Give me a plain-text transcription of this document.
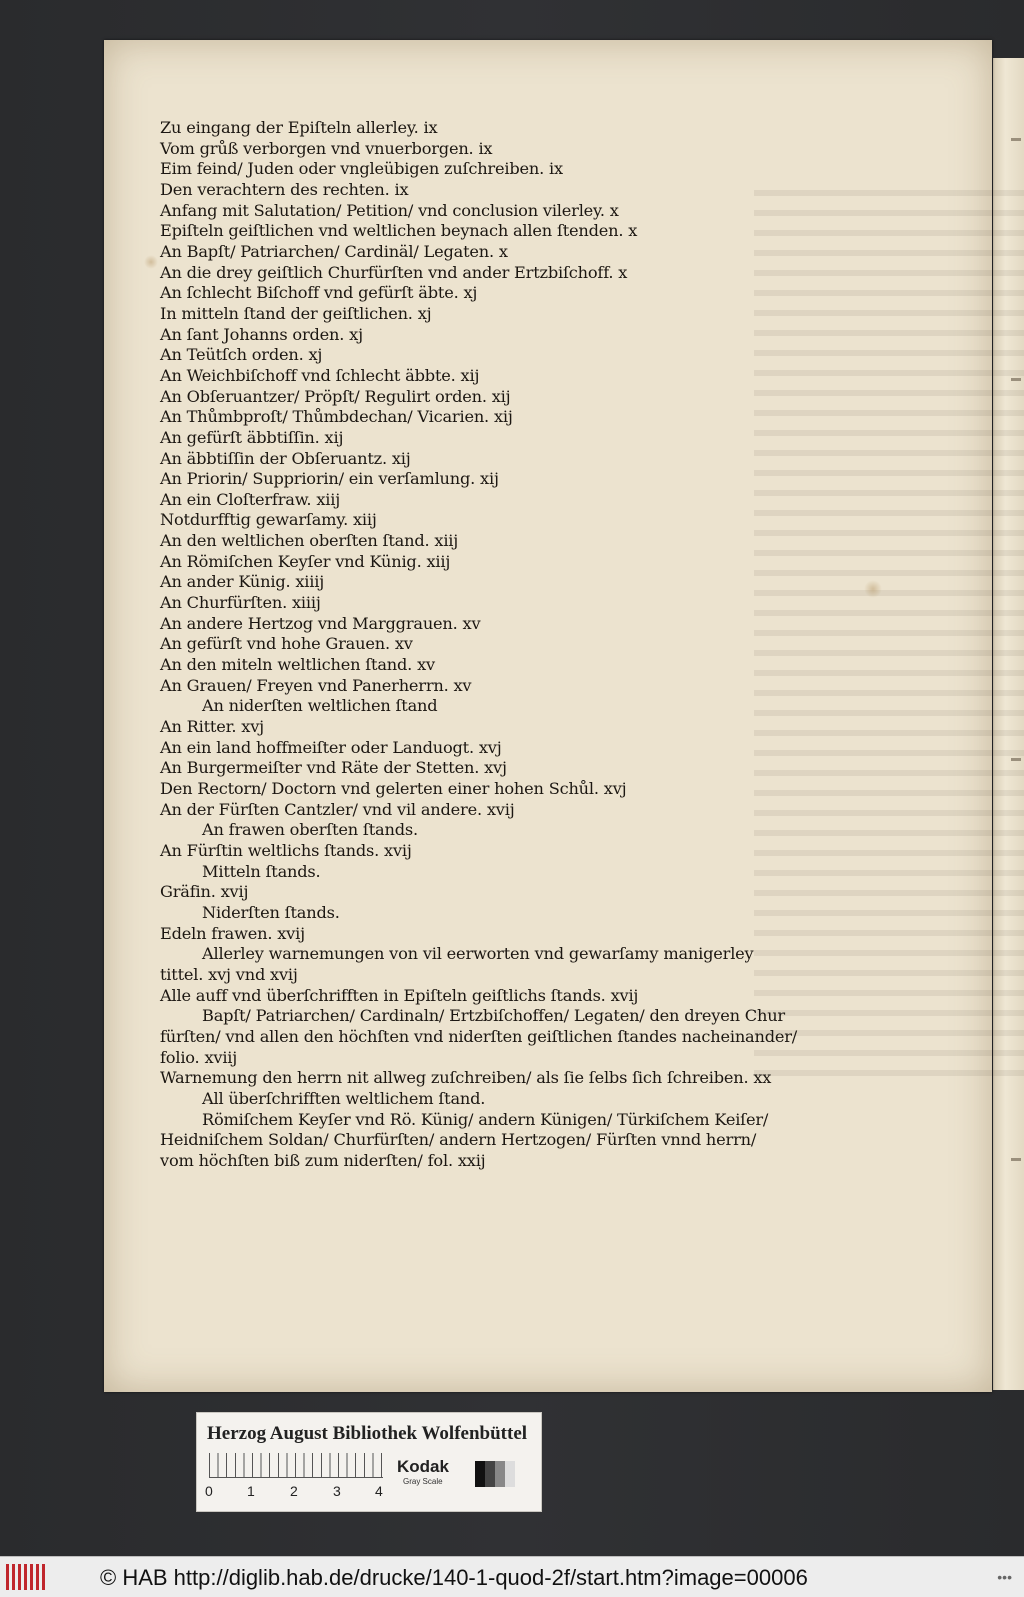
Zu eingang der Epiſteln allerley. ix
Vom grůß verborgen vnd vnuerborgen. ix
Eim feind/ Juden oder vngleübigen zuſchreiben. ix
Den verachtern des rechten. ix
Anfang mit Salutation/ Petition/ vnd conclusion vilerley. x
Epiſteln geiſtlichen vnd weltlichen beynach allen ſtenden. x
An Bapſt/ Patriarchen/ Cardinäl/ Legaten. x
An die drey geiſtlich Churfürſten vnd ander Ertzbiſchoff. x
An ſchlecht Biſchoff vnd gefürſt äbte. xj
In mitteln ſtand der geiſtlichen. xj
An ſant Johanns orden. xj
An Teütſch orden. xj
An Weichbiſchoff vnd ſchlecht äbbte. xij
An Obſeruantzer/ Pröpſt/ Regulirt orden. xij
An Thůmbproſt/ Thůmbdechan/ Vicarien. xij
An gefürſt äbbtiſſin. xij
An äbbtiſſin der Obſeruantz. xij
An Priorin/ Suppriorin/ ein verſamlung. xij
An ein Cloſterfraw. xiij
Notdurfftig gewarſamy. xiij
An den weltlichen oberſten ſtand. xiij
An Römiſchen Keyſer vnd Künig. xiij
An ander Künig. xiiij
An Churfürſten. xiiij
An andere Hertzog vnd Marggrauen. xv
An gefürſt vnd hohe Grauen. xv
An den miteln weltlichen ſtand. xv
An Grauen/ Freyen vnd Panerherrn. xv
An niderſten weltlichen ſtand
An Ritter. xvj
An ein land hoffmeiſter oder Landuogt. xvj
An Burgermeiſter vnd Räte der Stetten. xvj
Den Rectorn/ Doctorn vnd gelerten einer hohen Schůl. xvj
An der Fürſten Cantzler/ vnd vil andere. xvij
An frawen oberſten ſtands.
An Fürſtin weltlichs ſtands. xvij
Mitteln ſtands.
Gräfin. xvij
Niderſten ſtands.
Edeln frawen. xvij
Allerley warnemungen von vil eerworten vnd gewarſamy manigerley
tittel. xvj vnd xvij
Alle auff vnd überſchrifften in Epiſteln geiſtlichs ſtands. xvij
Bapſt/ Patriarchen/ Cardinaln/ Ertzbiſchoffen/ Legaten/ den dreyen Chur
fürſten/ vnd allen den höchſten vnd niderſten geiſtlichen ſtandes nacheinander/
folio. xviij
Warnemung den herrn nit allweg zuſchreiben/ als ſie ſelbs ſich ſchreiben. xx
All überſchrifften weltlichem ſtand.
Römiſchem Keyſer vnd Rö. Künig/ andern Künigen/ Türkiſchem Keiſer/
Heidniſchem Soldan/ Churfürſten/ andern Hertzogen/ Fürſten vnnd herrn/
vom höchſten biß zum niderſten/ fol. xxij
Herzog August Bibliothek Wolfenbüttel
0 1	2	3 4
Kodak
Gray Scale
© HAB http://diglib.hab.de/drucke/140-1-quod-2f/start.htm?image=00006	•••
